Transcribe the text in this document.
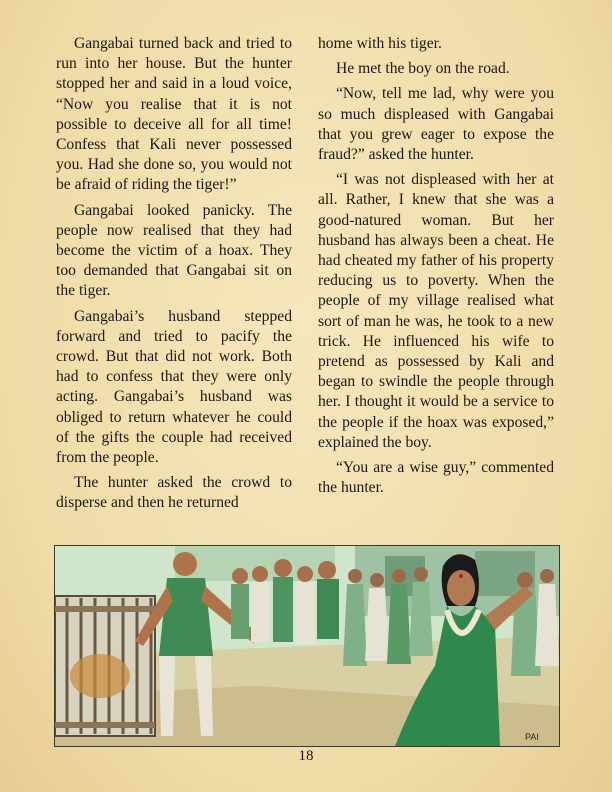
Gangabai turned back and tried to run into her house. But the hunter stopped her and said in a loud voice, “Now you realise that it is not possible to deceive all for all time! Confess that Kali never possessed you. Had she done so, you would not be afraid of riding the tiger!”

Gangabai looked panicky. The people now realised that they had become the victim of a hoax. They too demanded that Gangabai sit on the tiger.

Gangabai’s husband stepped forward and tried to pacify the crowd. But that did not work. Both had to confess that they were only acting. Gangabai’s husband was obliged to return whatever he could of the gifts the couple had received from the people.

The hunter asked the crowd to disperse and then he returned

home with his tiger.

He met the boy on the road.

“Now, tell me lad, why were you so much displeased with Gangabai that you grew eager to expose the fraud?” asked the hunter.

“I was not displeased with her at all. Rather, I knew that she was a good-natured woman. But her husband has always been a cheat. He had cheated my father of his property reducing us to poverty. When the people of my village realised what sort of man he was, he took to a new trick. He influenced his wife to pretend as possessed by Kali and began to swindle the people through her. I thought it would be a service to the people if the hoax was exposed,” explained the boy.

“You are a wise guy,” commented the hunter.

PAI
18
